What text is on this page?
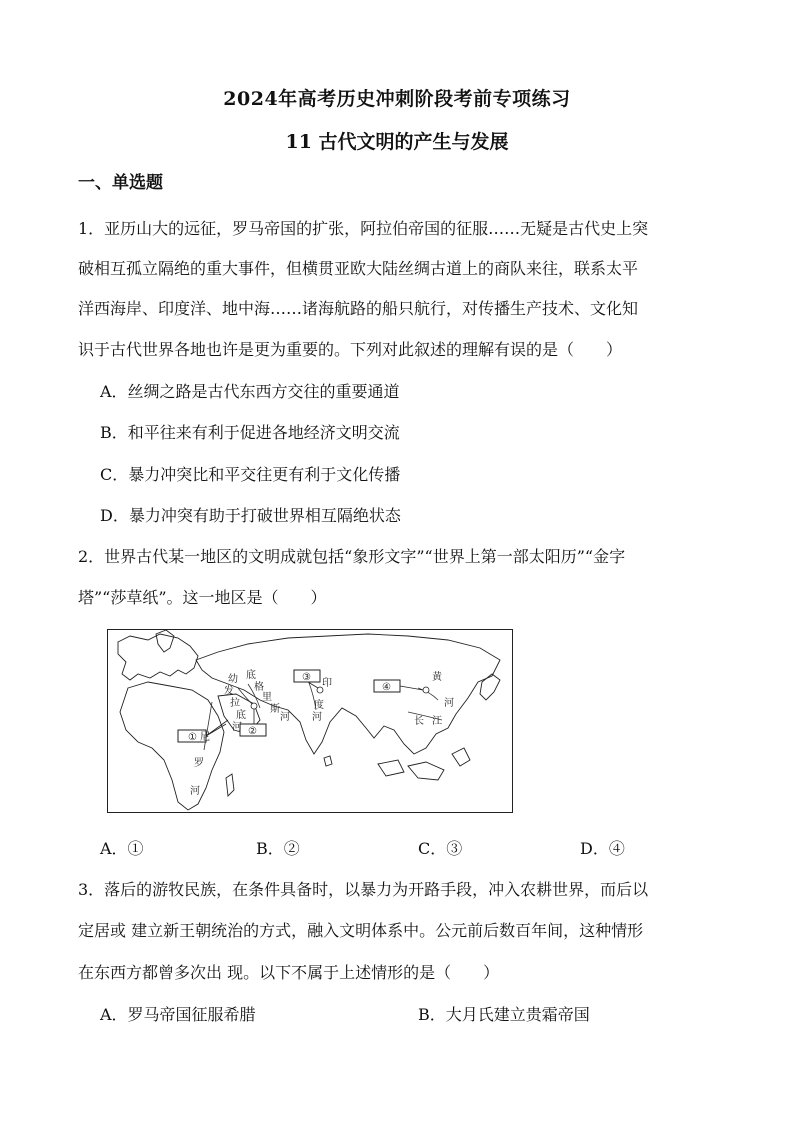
2024年高考历史冲刺阶段考前专项练习
11 古代文明的产生与发展
一、单选题
1．亚历山大的远征，罗马帝国的扩张，阿拉伯帝国的征服……无疑是古代史上突
破相互孤立隔绝的重大事件，但横贯亚欧大陆丝绸古道上的商队来往，联系太平
洋西海岸、印度洋、地中海……诸海航路的船只航行，对传播生产技术、文化知
识于古代世界各地也许是更为重要的。下列对此叙述的理解有误的是（　　）
A．丝绸之路是古代东西方交往的重要通道
B．和平往来有利于促进各地经济文明交流
C．暴力冲突比和平交往更有利于文化传播
D．暴力冲突有助于打破世界相互隔绝状态
2．世界古代某一地区的文明成就包括“象形文字”“世界上第一部太阳历”“金字
塔”“莎草纸”。这一地区是（　　）
①
②
③
④
幼
发
拉
底
河
底
格
里
斯
河
印
度
河
尼
罗
河
黄
河
长 江
A．①	B．②	C．③	D．④
3．落后的游牧民族，在条件具备时，以暴力为开路手段，冲入农耕世界，而后以
定居或 建立新王朝统治的方式，融入文明体系中。公元前后数百年间，这种情形
在东西方都曾多次出 现。以下不属于上述情形的是（　　）
A．罗马帝国征服希腊	B．大月氏建立贵霜帝国
